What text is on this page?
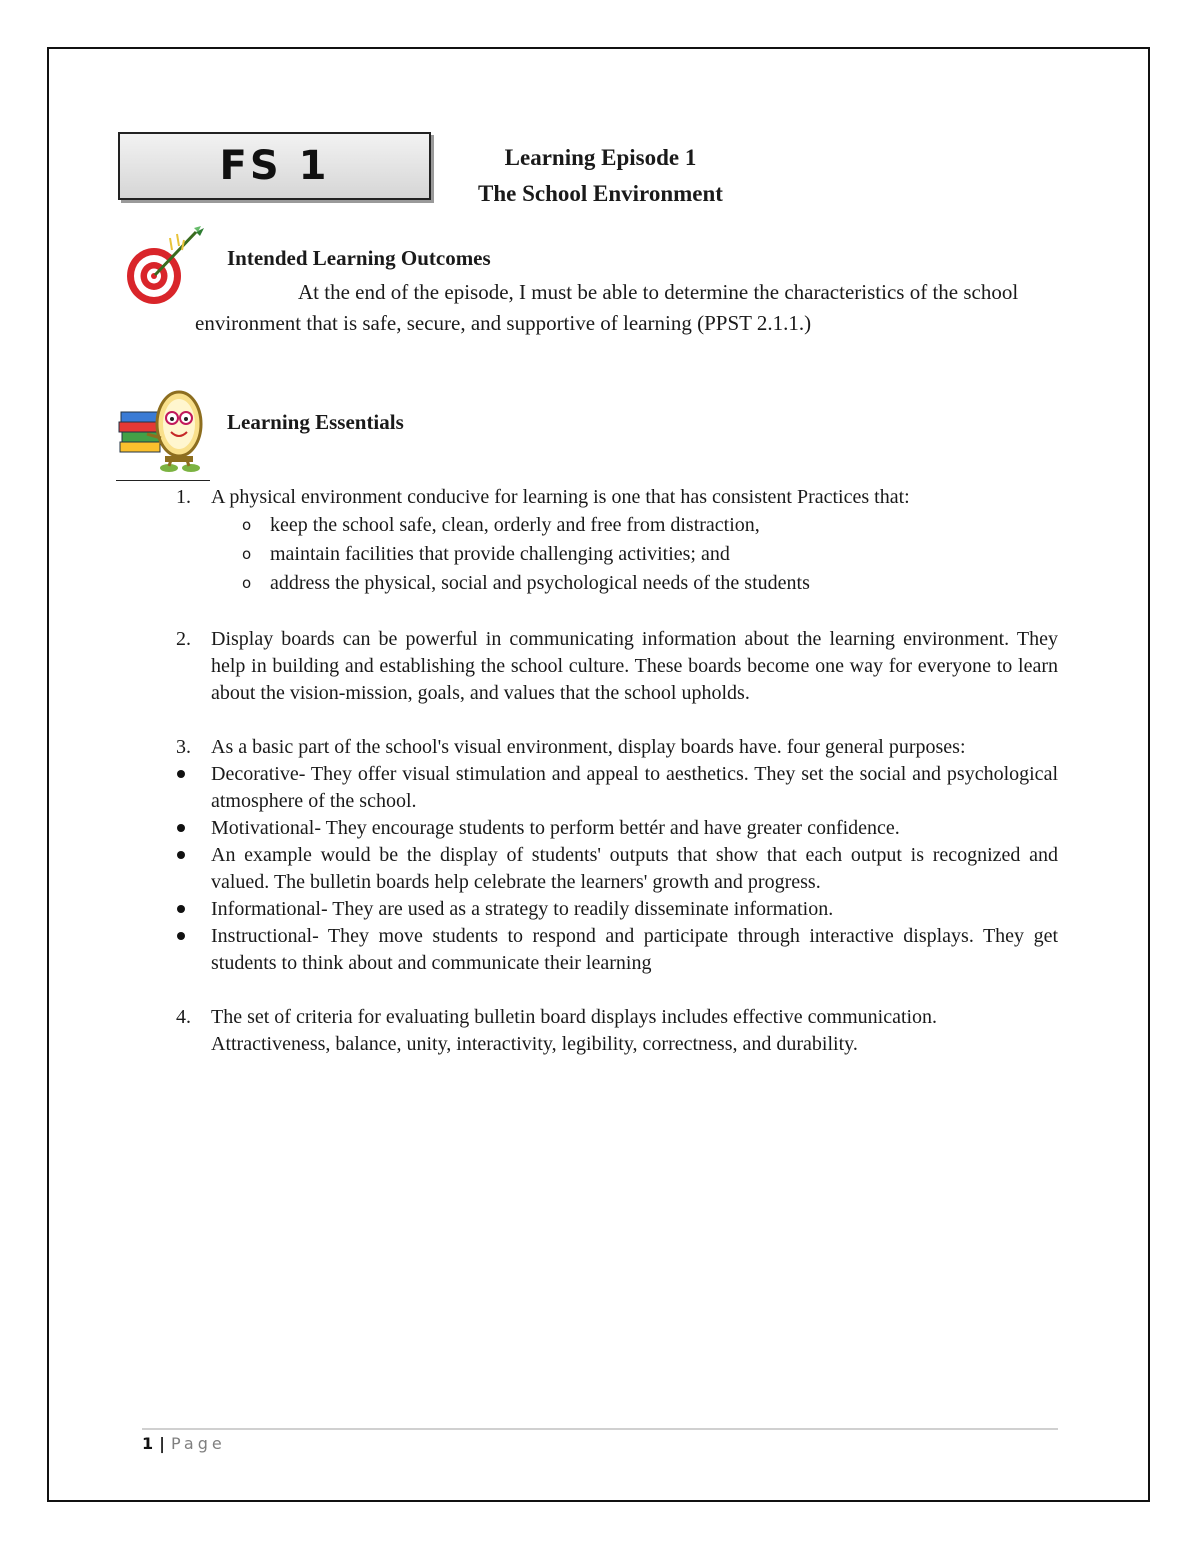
FS 1	Learning Episode 1
The School Environment
Intended Learning Outcomes
At the end of the episode, I must be able to determine the characteristics of the school environment that is safe, secure, and supportive of learning (PPST 2.1.1.)
Learning Essentials
1. A physical environment conducive for learning is one that has consistent Practices that:
o keep the school safe, clean, orderly and free from distraction,
o maintain facilities that provide challenging activities; and
o address the physical, social and psychological needs of the students
2. Display boards can be powerful in communicating information about the learning environment. They help in building and establishing the school culture. These boards become one way for everyone to learn about the vision-mission, goals, and values that the school upholds.
3. As a basic part of the school's visual environment, display boards have. four general purposes:
Decorative- They offer visual stimulation and appeal to aesthetics. They set the social and psychological atmosphere of the school.
Motivational- They encourage students to perform bettér and have greater confidence.
An example would be the display of students' outputs that show that each output is recognized and valued. The bulletin boards help celebrate the learners' growth and progress.
Informational- They are used as a strategy to readily disseminate information.
Instructional- They move students to respond and participate through interactive displays. They get students to think about and communicate their learning
4. The set of criteria for evaluating bulletin board displays includes effective communication.
Attractiveness, balance, unity, interactivity, legibility, correctness, and durability.
1 | Page
